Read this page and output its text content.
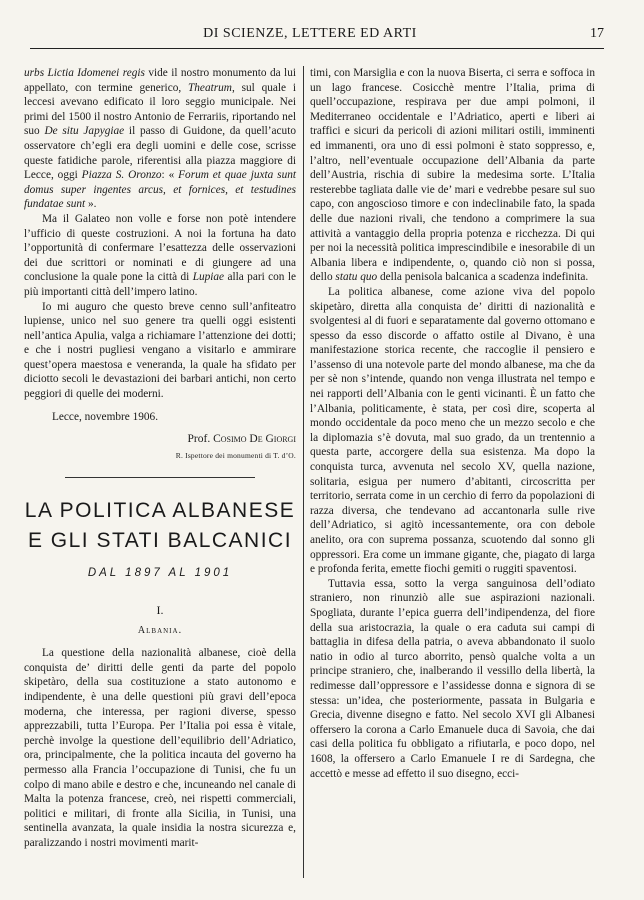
DI SCIENZE, LETTERE ED ARTI	17

urbs Lictia Idomenei regis vide il nostro monumento da lui appellato, con termine generico, Theatrum, sul quale i leccesi avevano edificato il loro seggio municipale. Nei primi del 1500 il nostro Antonio de Ferrariis, riportando nel suo De situ Japygiae il passo di Guidone, da quell’acuto osservatore ch’egli era degli uomini e delle cose, scrisse queste fatidiche parole, riferentisi alla piazza maggiore di Lecce, oggi Piazza S. Oronzo: « Forum et quae juxta sunt domus super ingentes arcus, et fornices, et testudines fundatae sunt ».

Ma il Galateo non volle e forse non potè intendere l’ufficio di queste costruzioni. A noi la fortuna ha dato l’opportunità di confermare l’esattezza delle osservazioni dei due scrittori or nominati e di giungere ad una conclusione la quale pone la città di Lupiae alla pari con le più importanti città dell’impero latino.

Io mi auguro che questo breve cenno sull’anfiteatro lupiense, unico nel suo genere tra quelli oggi esistenti nell’antica Apulia, valga a richiamare l’attenzione dei dotti; e che i nostri pugliesi vengano a visitarlo e ammirare quest’opera maestosa e veneranda, la quale ha sfidato per diciotto secoli le devastazioni dei barbari antichi, non certo peggiori di quelle dei moderni.

Lecce, novembre 1906.

Prof. Cosimo De Giorgi
R. Ispettore dei monumenti di T. d’O.
LA POLITICA ALBANESE
E GLI STATI BALCANICI
DAL 1897 AL 1901
I.
Albania.

La questione della nazionalità albanese, cioè della conquista de’ diritti delle genti da parte del popolo skipetàro, della sua costituzione a stato autonomo e indipendente, è una delle questioni più gravi dell’epoca moderna, che interessa, per ragioni diverse, spesso apprezzabili, tutta l’Europa. Per l’Italia poi essa è vitale, perchè involge la questione dell’equilibrio dell’Adriatico, ora, principalmente, che la politica incauta del governo ha permesso alla Francia l’occupazione di Tunisi, che fu un colpo di mano abile e destro e che, incuneando nel canale di Malta la potenza francese, creò, nei rispetti commerciali, politici e militari, di fronte alla Sicilia, in Tunisi, una sentinella avanzata, la quale insidia la nostra sicurezza e, paralizzando i nostri movimenti marit-

timi, con Marsiglia e con la nuova Biserta, ci serra e soffoca in un lago francese. Cosicchè mentre l’Italia, prima di quell’occupazione, respirava per due ampi polmoni, il Mediterraneo occidentale e l’Adriatico, aperti e liberi ai traffici e sicuri da pericoli di azioni militari ostili, imminenti ed immanenti, ora uno di essi polmoni è stato soppresso, e, l’altro, nell’eventuale occupazione dell’Albania da parte dell’Austria, rischia di subire la medesima sorte. L’Italia resterebbe tagliata dalle vie de’ mari e vedrebbe pesare sul suo capo, con angoscioso timore e con indeclinabile fato, la spada delle due nazioni rivali, che tendono a comprimere la sua attività a vantaggio della propria potenza e ricchezza. Di qui per noi la necessità politica imprescindibile e inesorabile di un Albania libera e indipendente, o, quando ciò non si possa, dello statu quo della penisola balcanica a scadenza indefinita.

La politica albanese, come azione viva del popolo skipetàro, diretta alla conquista de’ diritti di nazionalità e svolgentesi al di fuori e separatamente dal governo ottomano e spesso da esso discorde o affatto ostile al Divano, è una manifestazione storica recente, che raccoglie il pensiero e l’assenso di una notevole parte del mondo albanese, ma che da per sè non s’intende, quando non venga illustrata nel tempo e nei rapporti dell’Albania con le genti vicinanti. È un fatto che l’Albania, politicamente, è stata, per così dire, scoperta al mondo occidentale da poco meno che un mezzo secolo e che la diplomazia s’è dovuta, mal suo grado, da un trentennio a questa parte, accorgere della sua esistenza. Ma dopo la conquista turca, avvenuta nel secolo XV, quella nazione, solitaria, esigua per numero d’abitanti, circoscritta per territorio, serrata come in un cerchio di ferro da popolazioni di razza diversa, che tendevano ad accantonarla sulle rive dell’Adriatico, si agitò incessantemente, ora con debole anelito, ora con suprema possanza, scuotendo dal sonno gli oppressori. Era come un immane gigante, che, piagato di larga e profonda ferita, emette fiochi gemiti o ruggiti spaventosi.

Tuttavia essa, sotto la verga sanguinosa dell’odiato straniero, non rinunziò alle sue aspirazioni nazionali. Spogliata, durante l’epica guerra dell’indipendenza, del fiore della sua aristocrazia, la quale o era caduta sui campi di battaglia in difesa della patria, o aveva abbandonato il suolo natio in odio al turco aborrito, pensò qualche volta a un principe straniero, che, inalberando il vessillo della libertà, la redimesse dall’oppressore e l’assidesse donna e signora di se stessa: un’idea, che posteriormente, passata in Bulgaria e Grecia, divenne disegno e fatto. Nel secolo XVI gli Albanesi offersero la corona a Carlo Emanuele duca di Savoia, che dai casi della politica fu obbligato a rifiutarla, e poco dopo, nel 1608, la offersero a Carlo Emanuele I re di Sardegna, che accettò e messe ad effetto il suo disegno, ecci-
